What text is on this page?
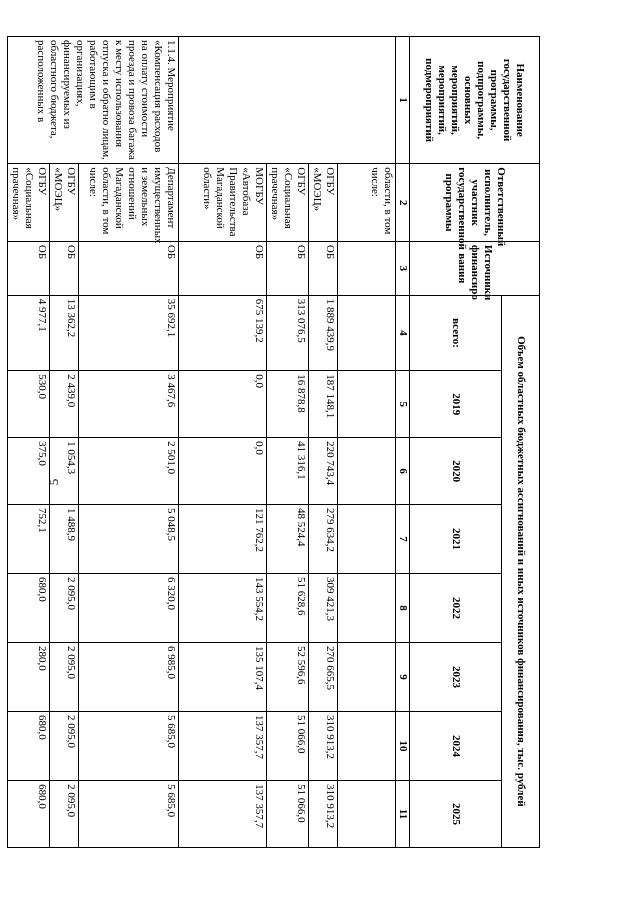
5
Наименование государственной программы, подпрограммы, основных мероприятий, мероприятий, подмероприятий	Ответственный исполнитель, участник государственной программы	Источники финансиро вания	Объем областных бюджетных ассигнований и иных источников финансирования, тыс. рублей							
			всего:	2019	2020	2021	2022	2023	2024	2025
1	2	3	4	5	6	7	8	9	10	11
	области, в том числе:									
	ОГБУ «МОЭЦ»	ОБ	1 889 439,9	187 148,1	220 743,4	279 634,2	309 421,3	270 665,5	310 913,2	310 913,2
	ОГБУ «Социальная прачечная»	ОБ	313 076,5	16 878,8	41 316,1	48 524,4	51 628,6	52 596,6	51 066,0	51 066,0
	МОГБУ «Автобаза Правительства Магаданской области»	ОБ	675 139,2	0,0	0,0	121 762,2	143 554,2	135 107,4	137 357,7	137 357,7
1.1.4. Мероприятие «Компенсация расходов на оплату стоимости проезда и провоза багажа к месту использования отпуска и обратно лицам, работающим в организациях, финансируемых из областного бюджета, расположенных в	Департамент имущественных и земельных отношений Магаданской области, в том числе:	ОБ	35 692,1	3 467,6	2 501,0	5 048,5	6 320,0	6 985,0	5 685,0	5 685,0
	ОГБУ «МОЭЦ»	ОБ	13 362,2	2 439,0	1 054,3	1 488,9	2 095,0	2 095,0	2 095,0	2 095,0
	ОГБУ «Социальная прачечная»	ОБ	4 977,1	530,0	375,0	752,1	680,0	280,0	680,0	680,0
